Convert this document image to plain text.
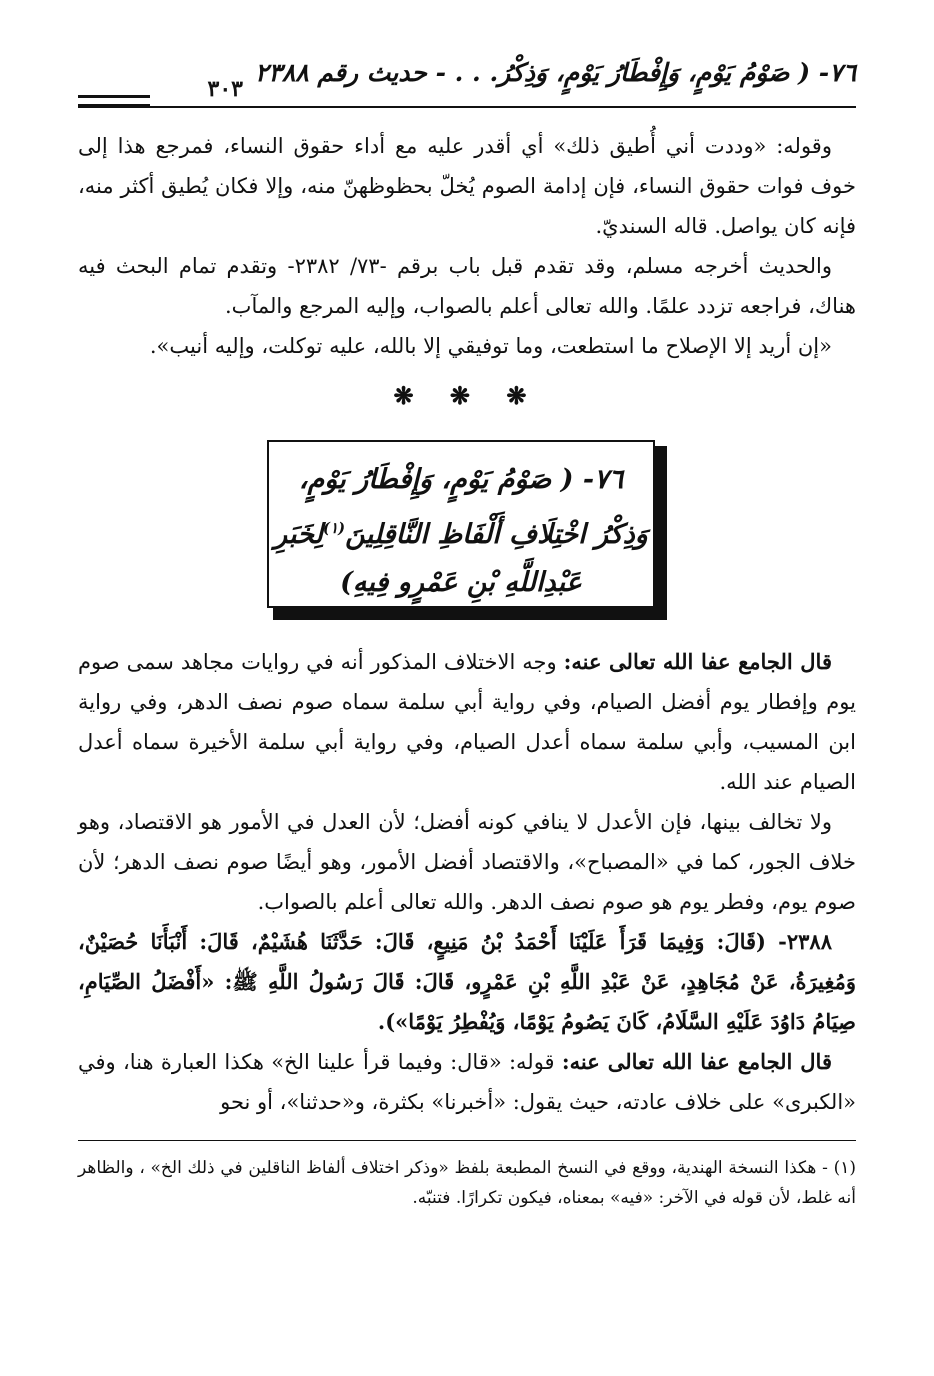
٧٦- ( صَوْمُ يَوْمٍ، وَإِفْطَارُ يَوْمٍ، وَذِكْرُ. . . - حديث رقم ٢٣٨٨
٣٠٣

وقوله: «وددت أني أُطيق ذلك» أي أقدر عليه مع أداء حقوق النساء، فمرجع هذا إلى خوف فوات حقوق النساء، فإن إدامة الصوم يُخلّ بحظوظهنّ منه، وإلا فكان يُطيق أكثر منه، فإنه كان يواصل. قاله السنديّ.

والحديث أخرجه مسلم، وقد تقدم قبل باب برقم -٧٣/ ٢٣٨٢- وتقدم تمام البحث فيه هناك، فراجعه تزدد علمًا. والله تعالى أعلم بالصواب، وإليه المرجع والمآب.

«إن أريد إلا الإصلاح ما استطعت، وما توفيقي إلا بالله، عليه توكلت، وإليه أنيب».

❋ ❋ ❋
٧٦- ( صَوْمُ يَوْمٍ، وَإِفْطَارُ يَوْمٍ،
وَذِكْرُ اخْتِلَافِ أَلْفَاظِ النَّاقِلِينَ$^{(١)}$لِخَبَرِ
عَبْدِاللَّهِ بْنِ عَمْرٍو فِيهِ)

قال الجامع عفا الله تعالى عنه: وجه الاختلاف المذكور أنه في روايات مجاهد سمى صوم يوم وإفطار يوم أفضل الصيام، وفي رواية أبي سلمة سماه صوم نصف الدهر، وفي رواية ابن المسيب، وأبي سلمة سماه أعدل الصيام، وفي رواية أبي سلمة الأخيرة سماه أعدل الصيام عند الله.

ولا تخالف بينها، فإن الأعدل لا ينافي كونه أفضل؛ لأن العدل في الأمور هو الاقتصاد، وهو خلاف الجور، كما في «المصباح»، والاقتصاد أفضل الأمور، وهو أيضًا صوم نصف الدهر؛ لأن صوم يوم، وفطر يوم هو صوم نصف الدهر. والله تعالى أعلم بالصواب.

٢٣٨٨- (قَالَ: وَفِيمَا قَرَأَ عَلَيْنَا أَحْمَدُ بْنُ مَنِيعٍ، قَالَ: حَدَّثَنَا هُشَيْمٌ، قَالَ: أَنْبَأَنَا حُصَيْنٌ، وَمُغِيرَةُ، عَنْ مُجَاهِدٍ، عَنْ عَبْدِ اللَّهِ بْنِ عَمْرٍو، قَالَ: قَالَ رَسُولُ اللَّهِ ﷺ: «أَفْضَلُ الصِّيَامِ، صِيَامُ دَاوُدَ عَلَيْهِ السَّلَامُ، كَانَ يَصُومُ يَوْمًا، وَيُفْطِرُ يَوْمًا»).

قال الجامع عفا الله تعالى عنه: قوله: «قال: وفيما قرأ علينا الخ» هكذا العبارة هنا، وفي «الكبرى» على خلاف عادته، حيث يقول: «أخبرنا» بكثرة، و«حدثنا»، أو نحو

(١) - هكذا النسخة الهندية، ووقع في النسخ المطبعة بلفظ «وذكر اختلاف ألفاظ الناقلين في ذلك الخ» ، والظاهر أنه غلط، لأن قوله في الآخر: «فيه» بمعناه، فيكون تكرارًا. فتنبّه.
